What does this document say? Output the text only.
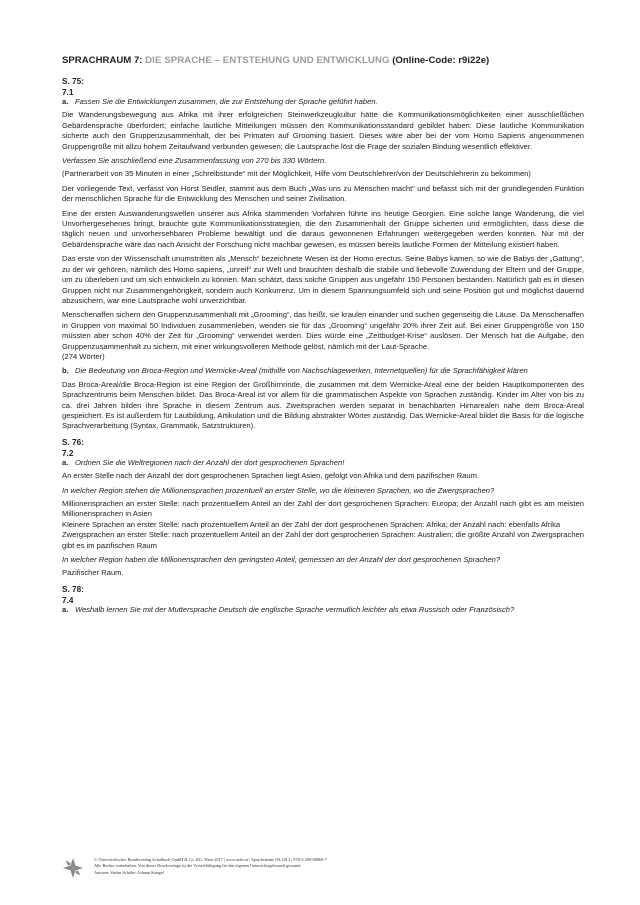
SPRACHRAUM 7: DIE SPRACHE – ENTSTEHUNG UND ENTWICKLUNG (Online-Code: r9i22e)
S. 75:
7.1
a. Fassen Sie die Entwicklungen zusammen, die zur Entstehung der Sprache geführt haben.

Die Wanderungsbewegung aus Afrika mit ihrer erfolgreichen Steinwerkzeugkultur hätte die Kommunikationsmöglichkeiten einer ausschließlichen Gebärdensprache überfordert; einfache lautliche Mitteilungen müssen den Kommunikationsstandard gebildet haben: Diese lautliche Kommunikation sicherte auch den Gruppenzusammenhalt, der bei Primaten auf Grooming basiert. Dieses wäre aber bei der vom Homo Sapiens angenommenen Gruppengröße mit allzu hohem Zeitaufwand verbunden gewesen; die Lautsprache löst die Frage der sozialen Bindung wesentlich effektiver.

Verfassen Sie anschließend eine Zusammenfassung von 270 bis 330 Wörtern.

(Partnerarbeit von 35 Minuten in einer „Schreibstunde“ mit der Möglichkeit, Hilfe vom Deutschlehrer/von der Deutschlehrerin zu bekommen)

Der vorliegende Text, verfasst von Horst Seidler, stammt aus dem Buch „Was uns zu Menschen macht“ und befasst sich mit der grundlegenden Funktion der menschlichen Sprache für die Entwicklung des Menschen und seiner Zivilisation.

Eine der ersten Auswanderungswellen unserer aus Afrika stammenden Vorfahren führte ins heutige Georgien. Eine solche lange Wanderung, die viel Unvorhergesehenes bringt, brauchte gute Kommunikationsstrategien, die den Zusammenhalt der Gruppe sicherten und ermöglichten, dass diese die täglich neuen und unvorhersehbaren Probleme bewältigt und die daraus gewonnenen Erfahrungen weitergegeben werden konnten. Nur mit der Gebärdensprache wäre das nach Ansicht der Forschung nicht machbar gewesen, es müssen bereits lautliche Formen der Mitteilung existiert haben.

Das erste von der Wissenschaft unumstritten als „Mensch“ bezeichnete Wesen ist der Homo erectus. Seine Babys kamen, so wie die Babys der „Gattung“, zu der wir gehören, nämlich des Homo sapiens, „unreif“ zur Welt und brauchten deshalb die stabile und liebevolle Zuwendung der Eltern und der Gruppe, um zu überleben und um sich entwickeln zu können. Man schätzt, dass solche Gruppen aus ungefähr 150 Personen bestanden. Natürlich gab es in diesen Gruppen nicht nur Zusammengehörigkeit, sondern auch Konkurrenz. Um in diesem Spannungsumfeld sich und seine Position gut und möglichst dauernd abzusichern, war eine Lautsprache wohl unverzichtbar.

Menschenaffen sichern den Gruppenzusammenhalt mit „Grooming“, das heißt, sie kraulen einander und suchen gegenseitig die Läuse. Da Menschenaffen in Gruppen von maximal 50 Individuen zusammenleben, wenden sie für das „Grooming“ ungefähr 20% ihrer Zeit auf. Bei einer Gruppengröße von 150 müssten aber schon 40% der Zeit für „Grooming“ verwendet werden. Dies würde eine „Zeitbudget-Krise“ auslösen. Der Mensch hat die Aufgabe, den Gruppenzusammenhalt zu sichern, mit einer wirkungsvolleren Methode gelöst, nämlich mit der Laut-Sprache.

(274 Wörter)

b. Die Bedeutung von Broca-Region und Wernicke-Areal (mithilfe von Nachschlagewerken, Internetquellen) für die Sprachfähigkeit klären

Das Broca-Areal/die Broca-Region ist eine Region der Großhirnrinde, die zusammen mit dem Wernicke-Areal eine der beiden Hauptkomponenten des Sprachzentrums beim Menschen bildet. Das Broca-Areal ist vor allem für die grammatischen Aspekte von Sprachen zuständig. Kinder im Alter von bis zu ca. drei Jahren bilden ihre Sprache in diesem Zentrum aus. Zweitsprachen werden separat in benachbarten Hirnarealen nahe dem Broca-Areal gespeichert. Es ist außerdem für Lautbildung, Artikulation und die Bildung abstrakter Wörter zuständig. Das Wernicke-Areal bildet die Basis für die logische Sprachverarbeitung (Syntax, Grammatik, Satzstrukturen).

S. 76:
7.2
a. Ordnen Sie die Weltregionen nach der Anzahl der dort gesprochenen Sprachen!

An erster Stelle nach der Anzahl der dort gesprochenen Sprachen liegt Asien, gefolgt von Afrika und dem pazifischen Raum.

In welcher Region stehen die Millionensprachen prozentuell an erster Stelle, wo die kleineren Sprachen, wo die Zwergsprachen?

Millionensprachen an erster Stelle: nach prozentuellem Anteil an der Zahl der dort gesprochenen Sprachen: Europa; der Anzahl nach gibt es am meisten Millionensprachen in Asien

Kleinere Sprachen an erster Stelle: nach prozentuellem Anteil an der Zahl der dort gesprochenen Sprachen: Afrika; der Anzahl nach: ebenfalls Afrika

Zwergsprachen an erster Stelle: nach prozentuellem Anteil an der Zahl der dort gesprochenen Sprachen: Australien; die größte Anzahl von Zwergsprachen gibt es im pazifischen Raum

In welcher Region haben die Millionensprachen den geringsten Anteil, gemessen an der Anzahl der dort gesprochenen Sprachen?

Pazifischer Raum.

S. 78:
7.4
a. Weshalb lernen Sie mit der Muttersprache Deutsch die englische Sprache vermutlich leichter als etwa Russisch oder Französisch?
© Österreichischer Bundesverlag Schulbuch GmbH & Co. KG, Wien 2017 | www.oebv.at | Sprachräume OS LB 2 | 978-3-209-08869-7
Alle Rechte vorbehalten. Von dieser Druckvorlage ist die Vervielfältigung für den eigenen Unterrichtsgebrauch gestattet.
Autoren: Stefan Schäfer; Johann Stangel
